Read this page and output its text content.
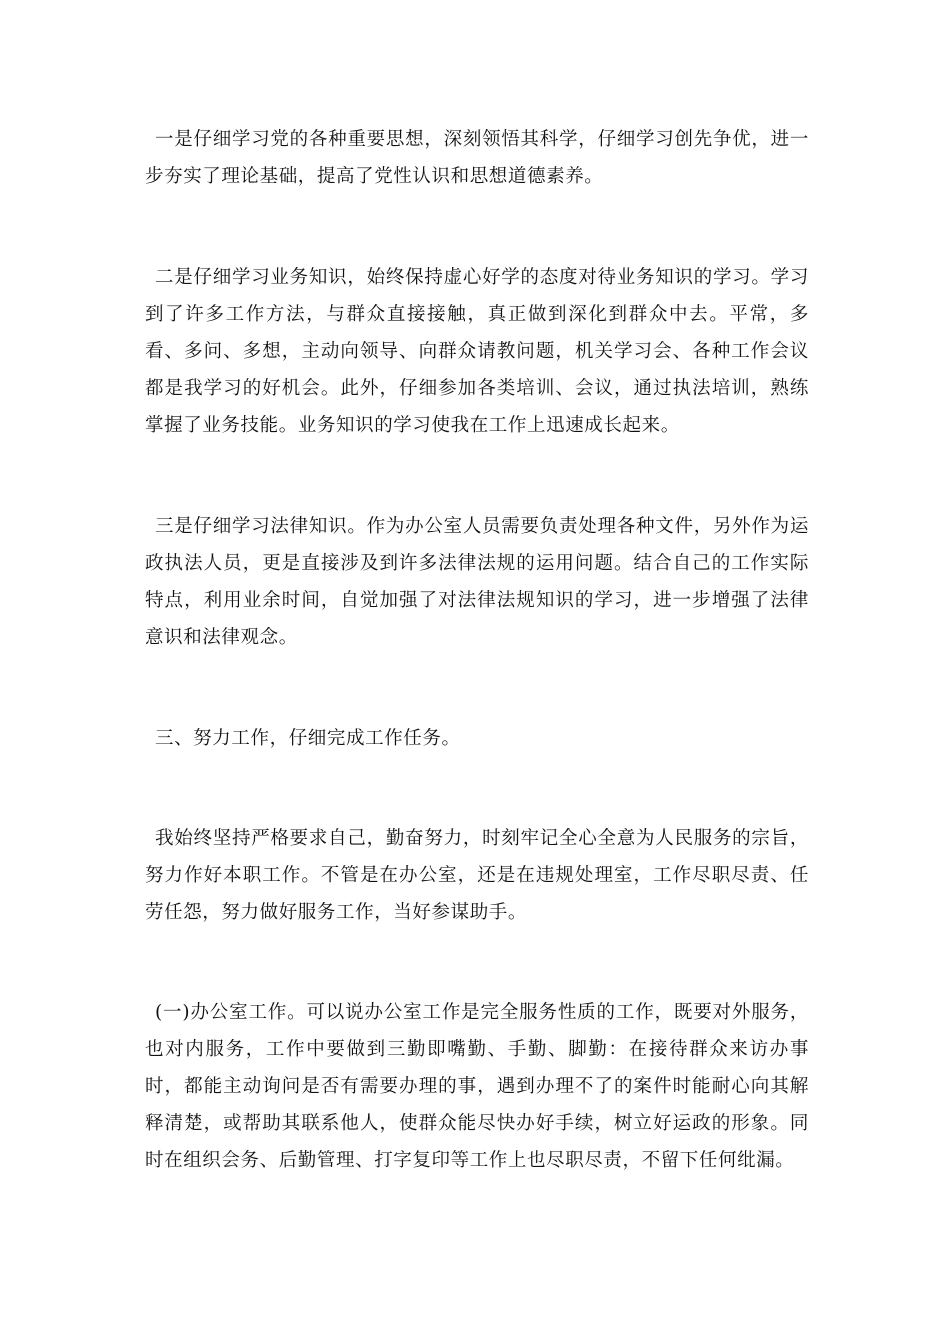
一是仔细学习党的各种重要思想，深刻领悟其科学，仔细学习创先争优，进一步夯实了理论基础，提高了党性认识和思想道德素养。

二是仔细学习业务知识，始终保持虚心好学的态度对待业务知识的学习。学习到了许多工作方法，与群众直接接触，真正做到深化到群众中去。平常，多看、多问、多想，主动向领导、向群众请教问题，机关学习会、各种工作会议都是我学习的好机会。此外，仔细参加各类培训、会议，通过执法培训，熟练掌握了业务技能。业务知识的学习使我在工作上迅速成长起来。

三是仔细学习法律知识。作为办公室人员需要负责处理各种文件，另外作为运政执法人员，更是直接涉及到许多法律法规的运用问题。结合自己的工作实际特点，利用业余时间，自觉加强了对法律法规知识的学习，进一步增强了法律意识和法律观念。

三、努力工作，仔细完成工作任务。

我始终坚持严格要求自己，勤奋努力，时刻牢记全心全意为人民服务的宗旨，努力作好本职工作。不管是在办公室，还是在违规处理室，工作尽职尽责、任劳任怨，努力做好服务工作，当好参谋助手。

(一)办公室工作。可以说办公室工作是完全服务性质的工作，既要对外服务，也对内服务，工作中要做到三勤即嘴勤、手勤、脚勤：在接待群众来访办事时，都能主动询问是否有需要办理的事，遇到办理不了的案件时能耐心向其解释清楚，或帮助其联系他人，使群众能尽快办好手续，树立好运政的形象。同时在组织会务、后勤管理、打字复印等工作上也尽职尽责，不留下任何纰漏。
